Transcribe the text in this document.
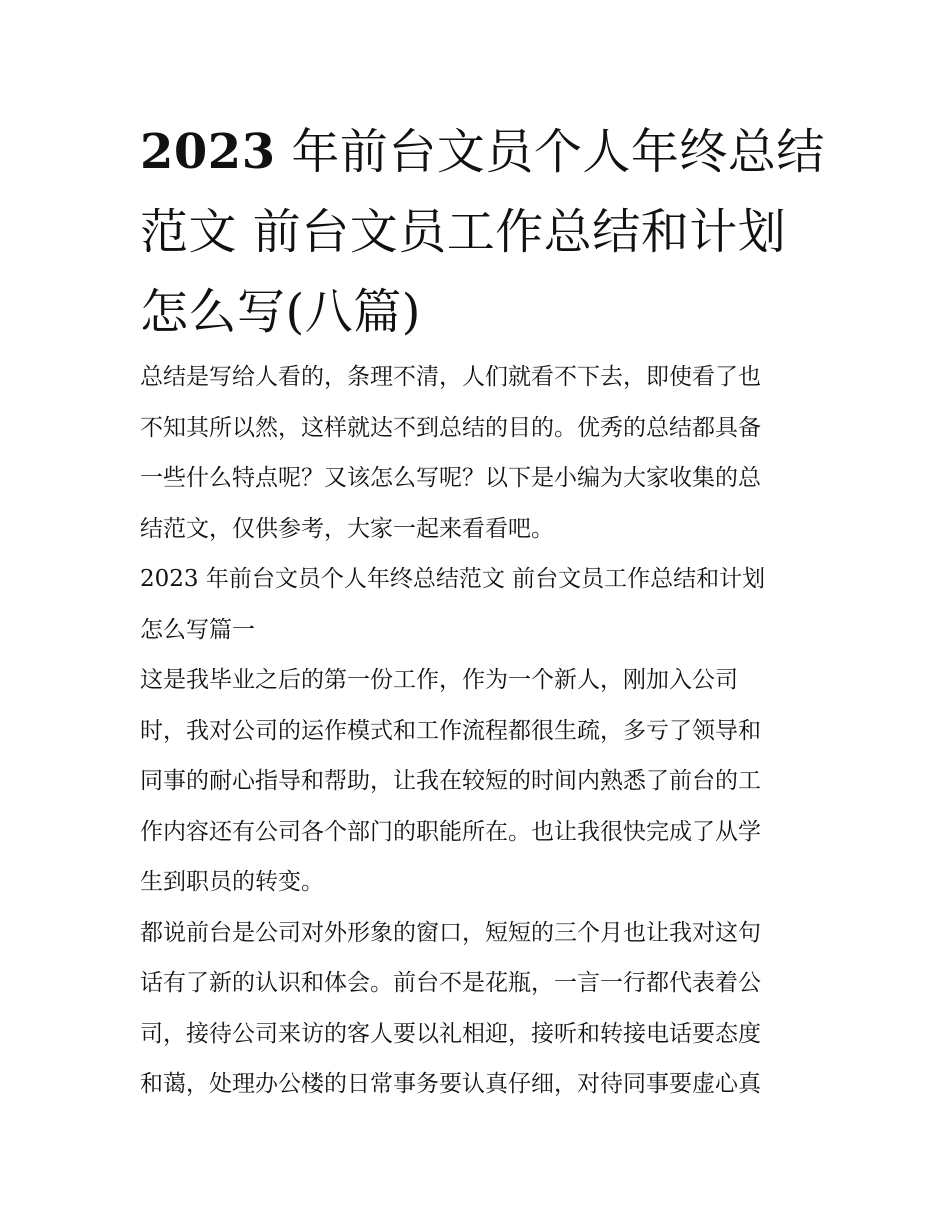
2023 年前台文员个人年终总结
范文 前台文员工作总结和计划
怎么写(八篇)

总结是写给人看的，条理不清，人们就看不下去，即使看了也
不知其所以然，这样就达不到总结的目的。优秀的总结都具备
一些什么特点呢？又该怎么写呢？以下是小编为大家收集的总
结范文，仅供参考，大家一起来看看吧。

2023 年前台文员个人年终总结范文 前台文员工作总结和计划
怎么写篇一

这是我毕业之后的第一份工作，作为一个新人，刚加入公司
时，我对公司的运作模式和工作流程都很生疏，多亏了领导和
同事的耐心指导和帮助，让我在较短的时间内熟悉了前台的工
作内容还有公司各个部门的职能所在。也让我很快完成了从学
生到职员的转变。

都说前台是公司对外形象的窗口，短短的三个月也让我对这句
话有了新的认识和体会。前台不是花瓶，一言一行都代表着公
司，接待公司来访的客人要以礼相迎，接听和转接电话要态度
和蔼，处理办公楼的日常事务要认真仔细，对待同事要虚心真
